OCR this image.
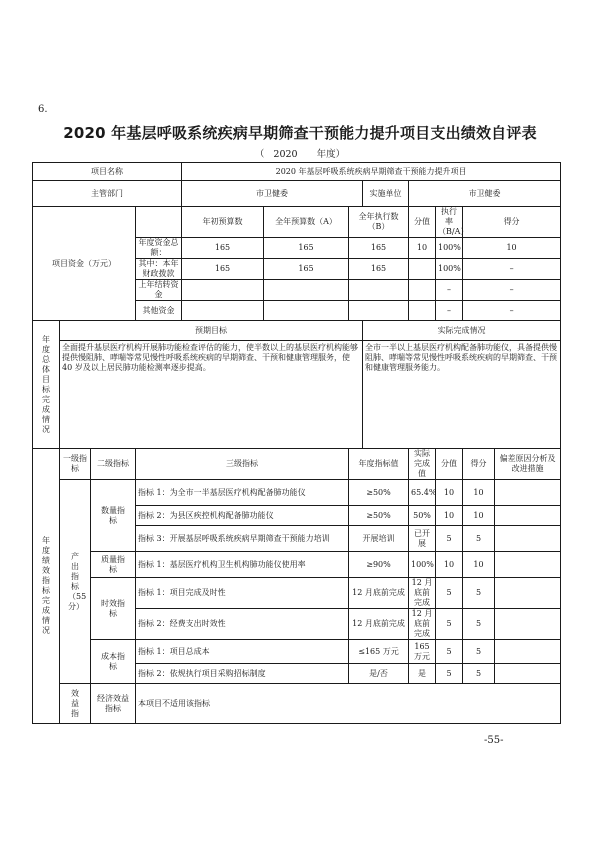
6.
2020 年基层呼吸系统疾病早期筛查干预能力提升项目支出绩效自评表
（ 2020 年度）
项目名称				2020 年基层呼吸系统疾病早期筛查干预能力提升项目							
主管部门				市卫健委			实施单位	市卫健委			
项目资金（万元）				年初预算数	全年预算数（A）	全年执行数（B）		分值	执行率（B/A）	得分	
			年度资金总额：	165	165	165		10	100%	10	
			其中：本年财政拨款	165	165	165			100%	–	
			上年结转资金						–	–	
			其他资金						–	–	
年度总体目标完成情况	预期目标						实际完成情况				
	全面提升基层医疗机构开展肺功能检查评估的能力，使半数以上的基层医疗机构能够提供慢阻肺、哮喘等常见慢性呼吸系统疾病的早期筛查、干预和健康管理服务，使 40 岁及以上居民肺功能检测率逐步提高。						全市一半以上基层医疗机构配备肺功能仪，具备提供慢阻肺、哮喘等常见慢性呼吸系统疾病的早期筛查、干预和健康管理服务能力。				
年度绩效指标完成情况	一级指标	二级指标	三级指标			年度指标值		实际完成值	分值	得分	偏差原因分析及改进措施
	产出指标（55分）	数量指标	指标 1：为全市一半基层医疗机构配备肺功能仪			≥50%		65.4%	10	10	
			指标 2：为县区疾控机构配备肺功能仪			≥50%		50%	10	10	
			指标 3：开展基层呼吸系统疾病早期筛查干预能力培训			开展培训		已开展	5	5	
		质量指标	指标 1：基层医疗机构卫生机构肺功能仪使用率			≥90%		100%	10	10	
		时效指标	指标 1：项目完成及时性			12 月底前完成		12 月底前完成	5	5	
			指标 2：经费支出时效性			12 月底前完成		12 月底前完成	5	5	
		成本指标	指标 1：项目总成本			≤165 万元		165 万元	5	5	
			指标 2：依规执行项目采购招标制度			是/否		是	5	5	
	效益指	经济效益指标	本项目不适用该指标								
-55-
